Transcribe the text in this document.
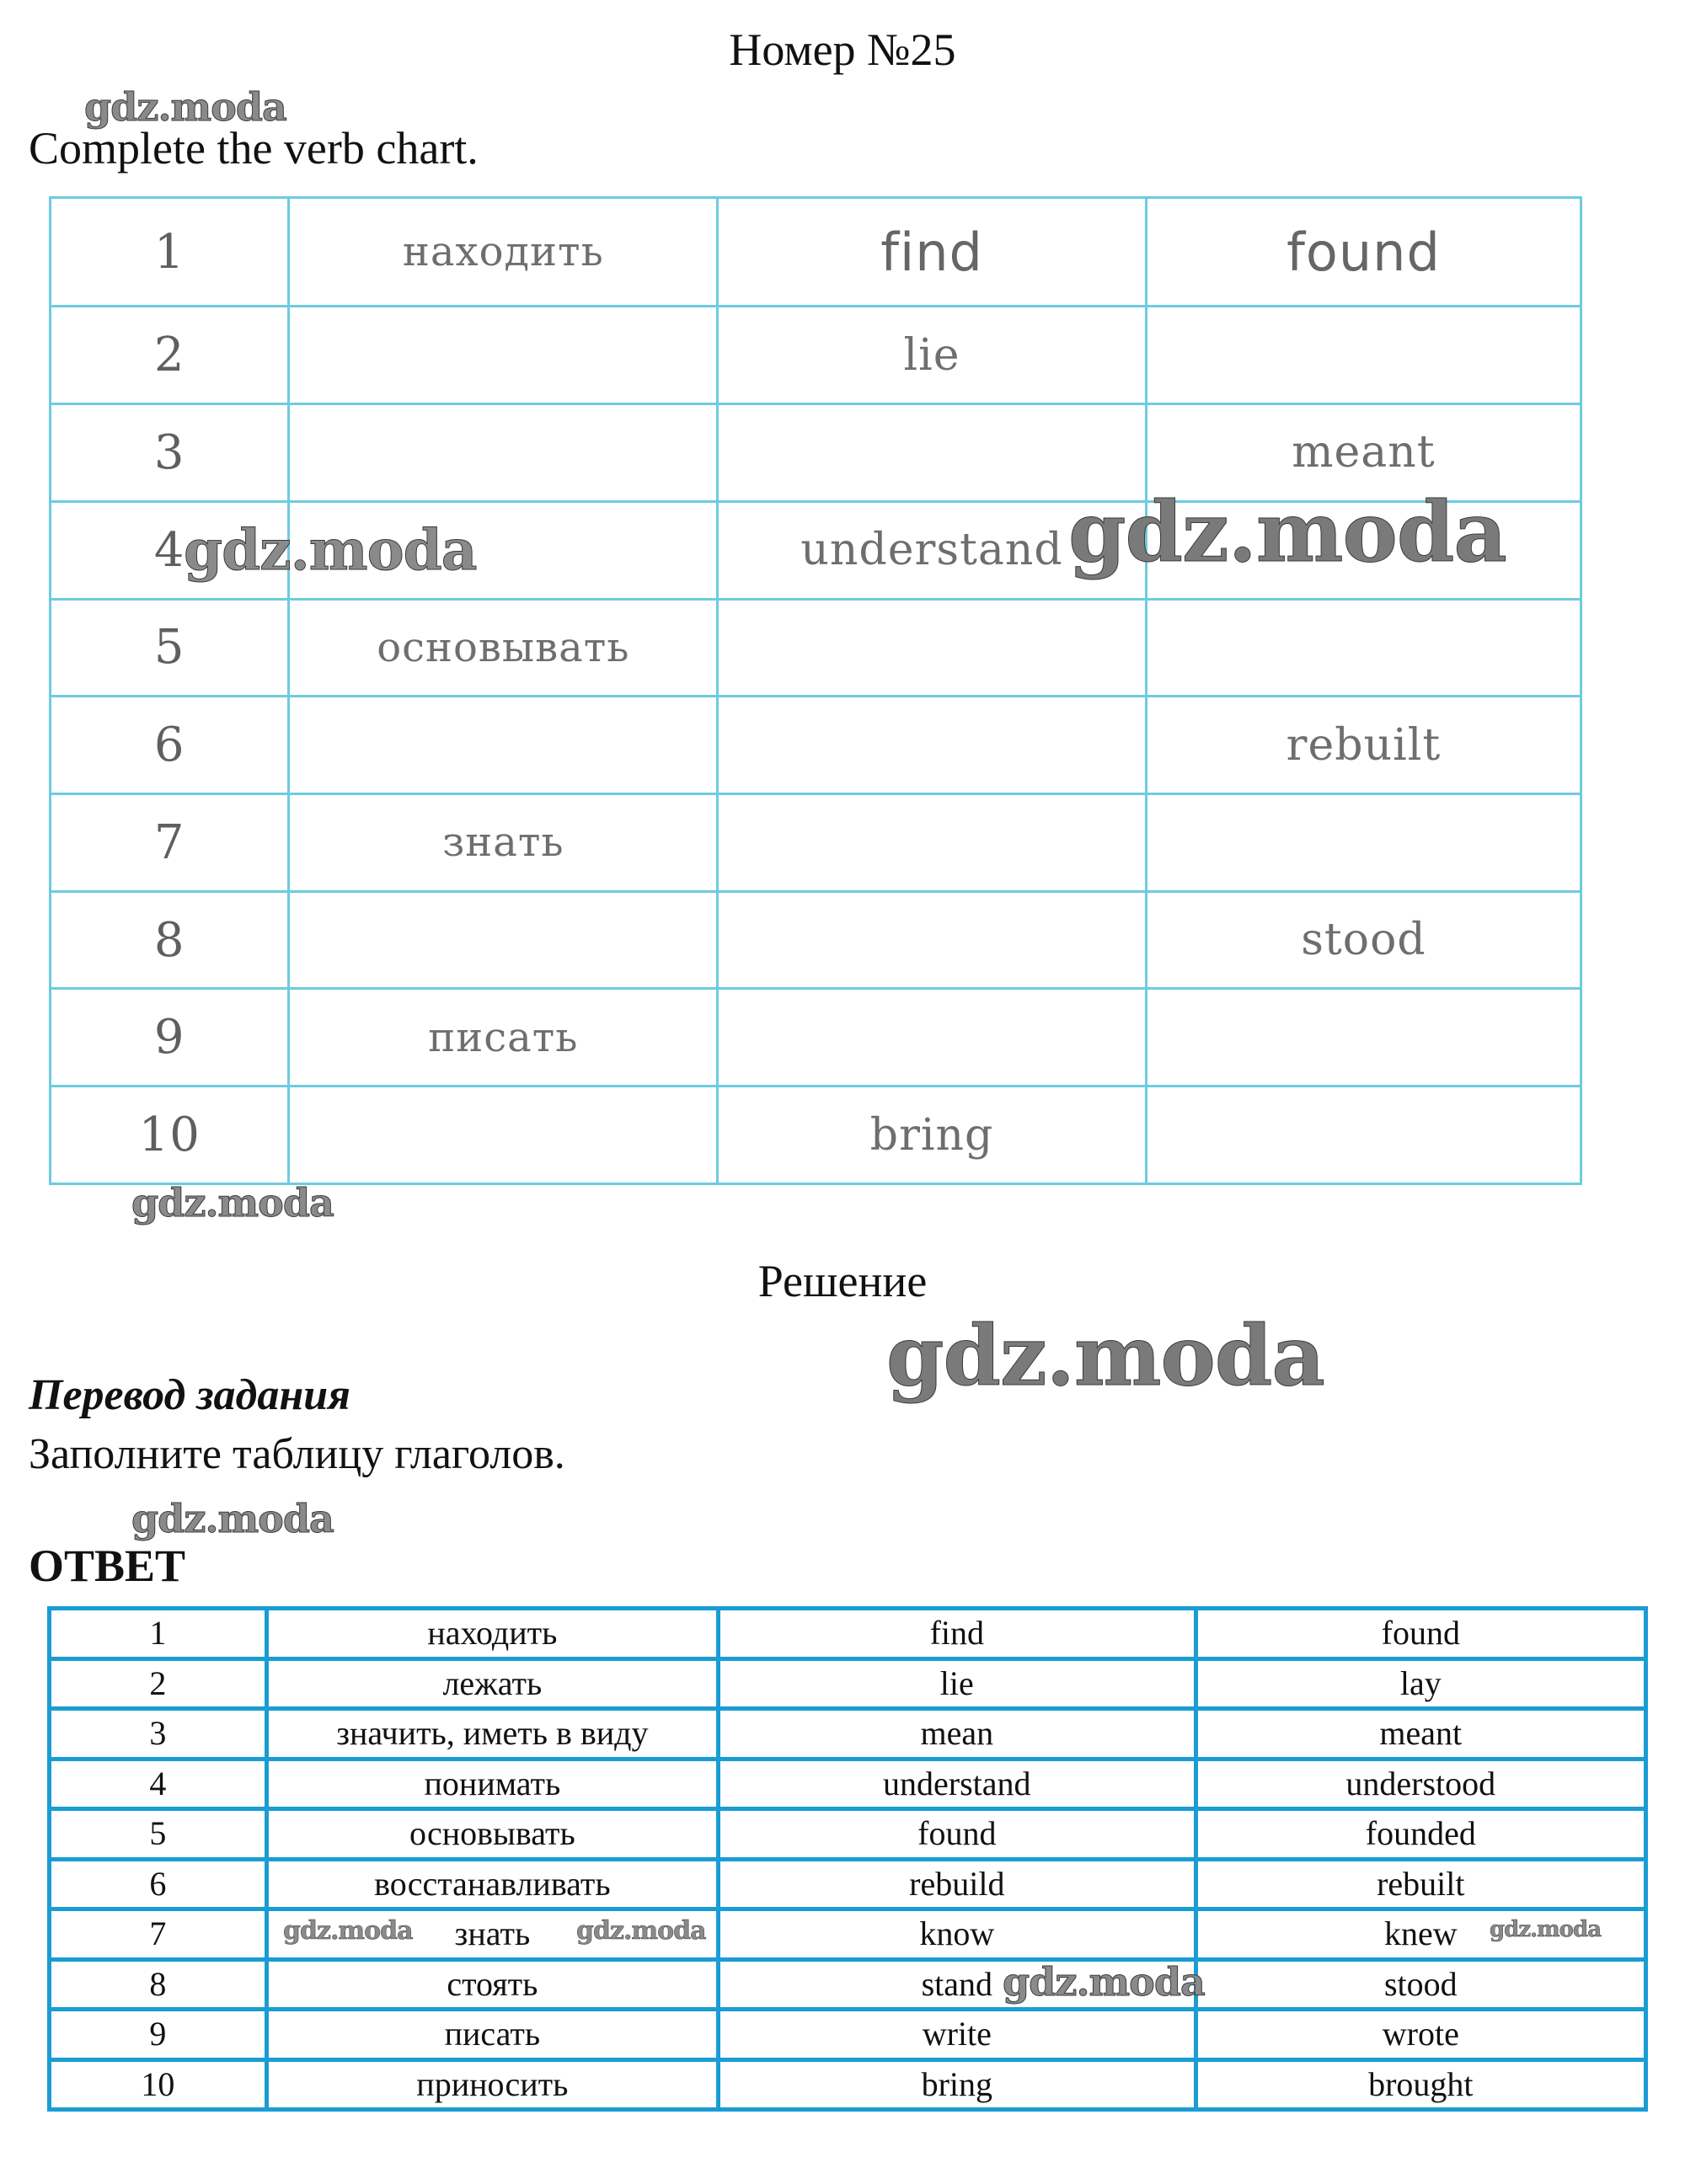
Номер №25
gdz.moda
Complete the verb chart.
1	находить	find	found
2		lie	
3			meant
4		understand	
5	основывать		
6			rebuilt
7	знать		
8			stood
9	писать		
10		bring	
gdz.moda	gdz.moda
gdz.moda
Решение
gdz.moda
Перевод задания
Заполните таблицу глаголов.
gdz.moda
ОТВЕТ
1	находить	find	found
2	лежать	lie	lay
3	значить, иметь в виду	mean	meant
4	понимать	understand	understood
5	основывать	found	founded
6	восстанавливать	rebuild	rebuilt
7	знать	know	knew
8	стоять	stand	stood
9	писать	write	wrote
10	приносить	bring	brought
gdz.moda	gdz.moda	gdz.moda
gdz.moda
